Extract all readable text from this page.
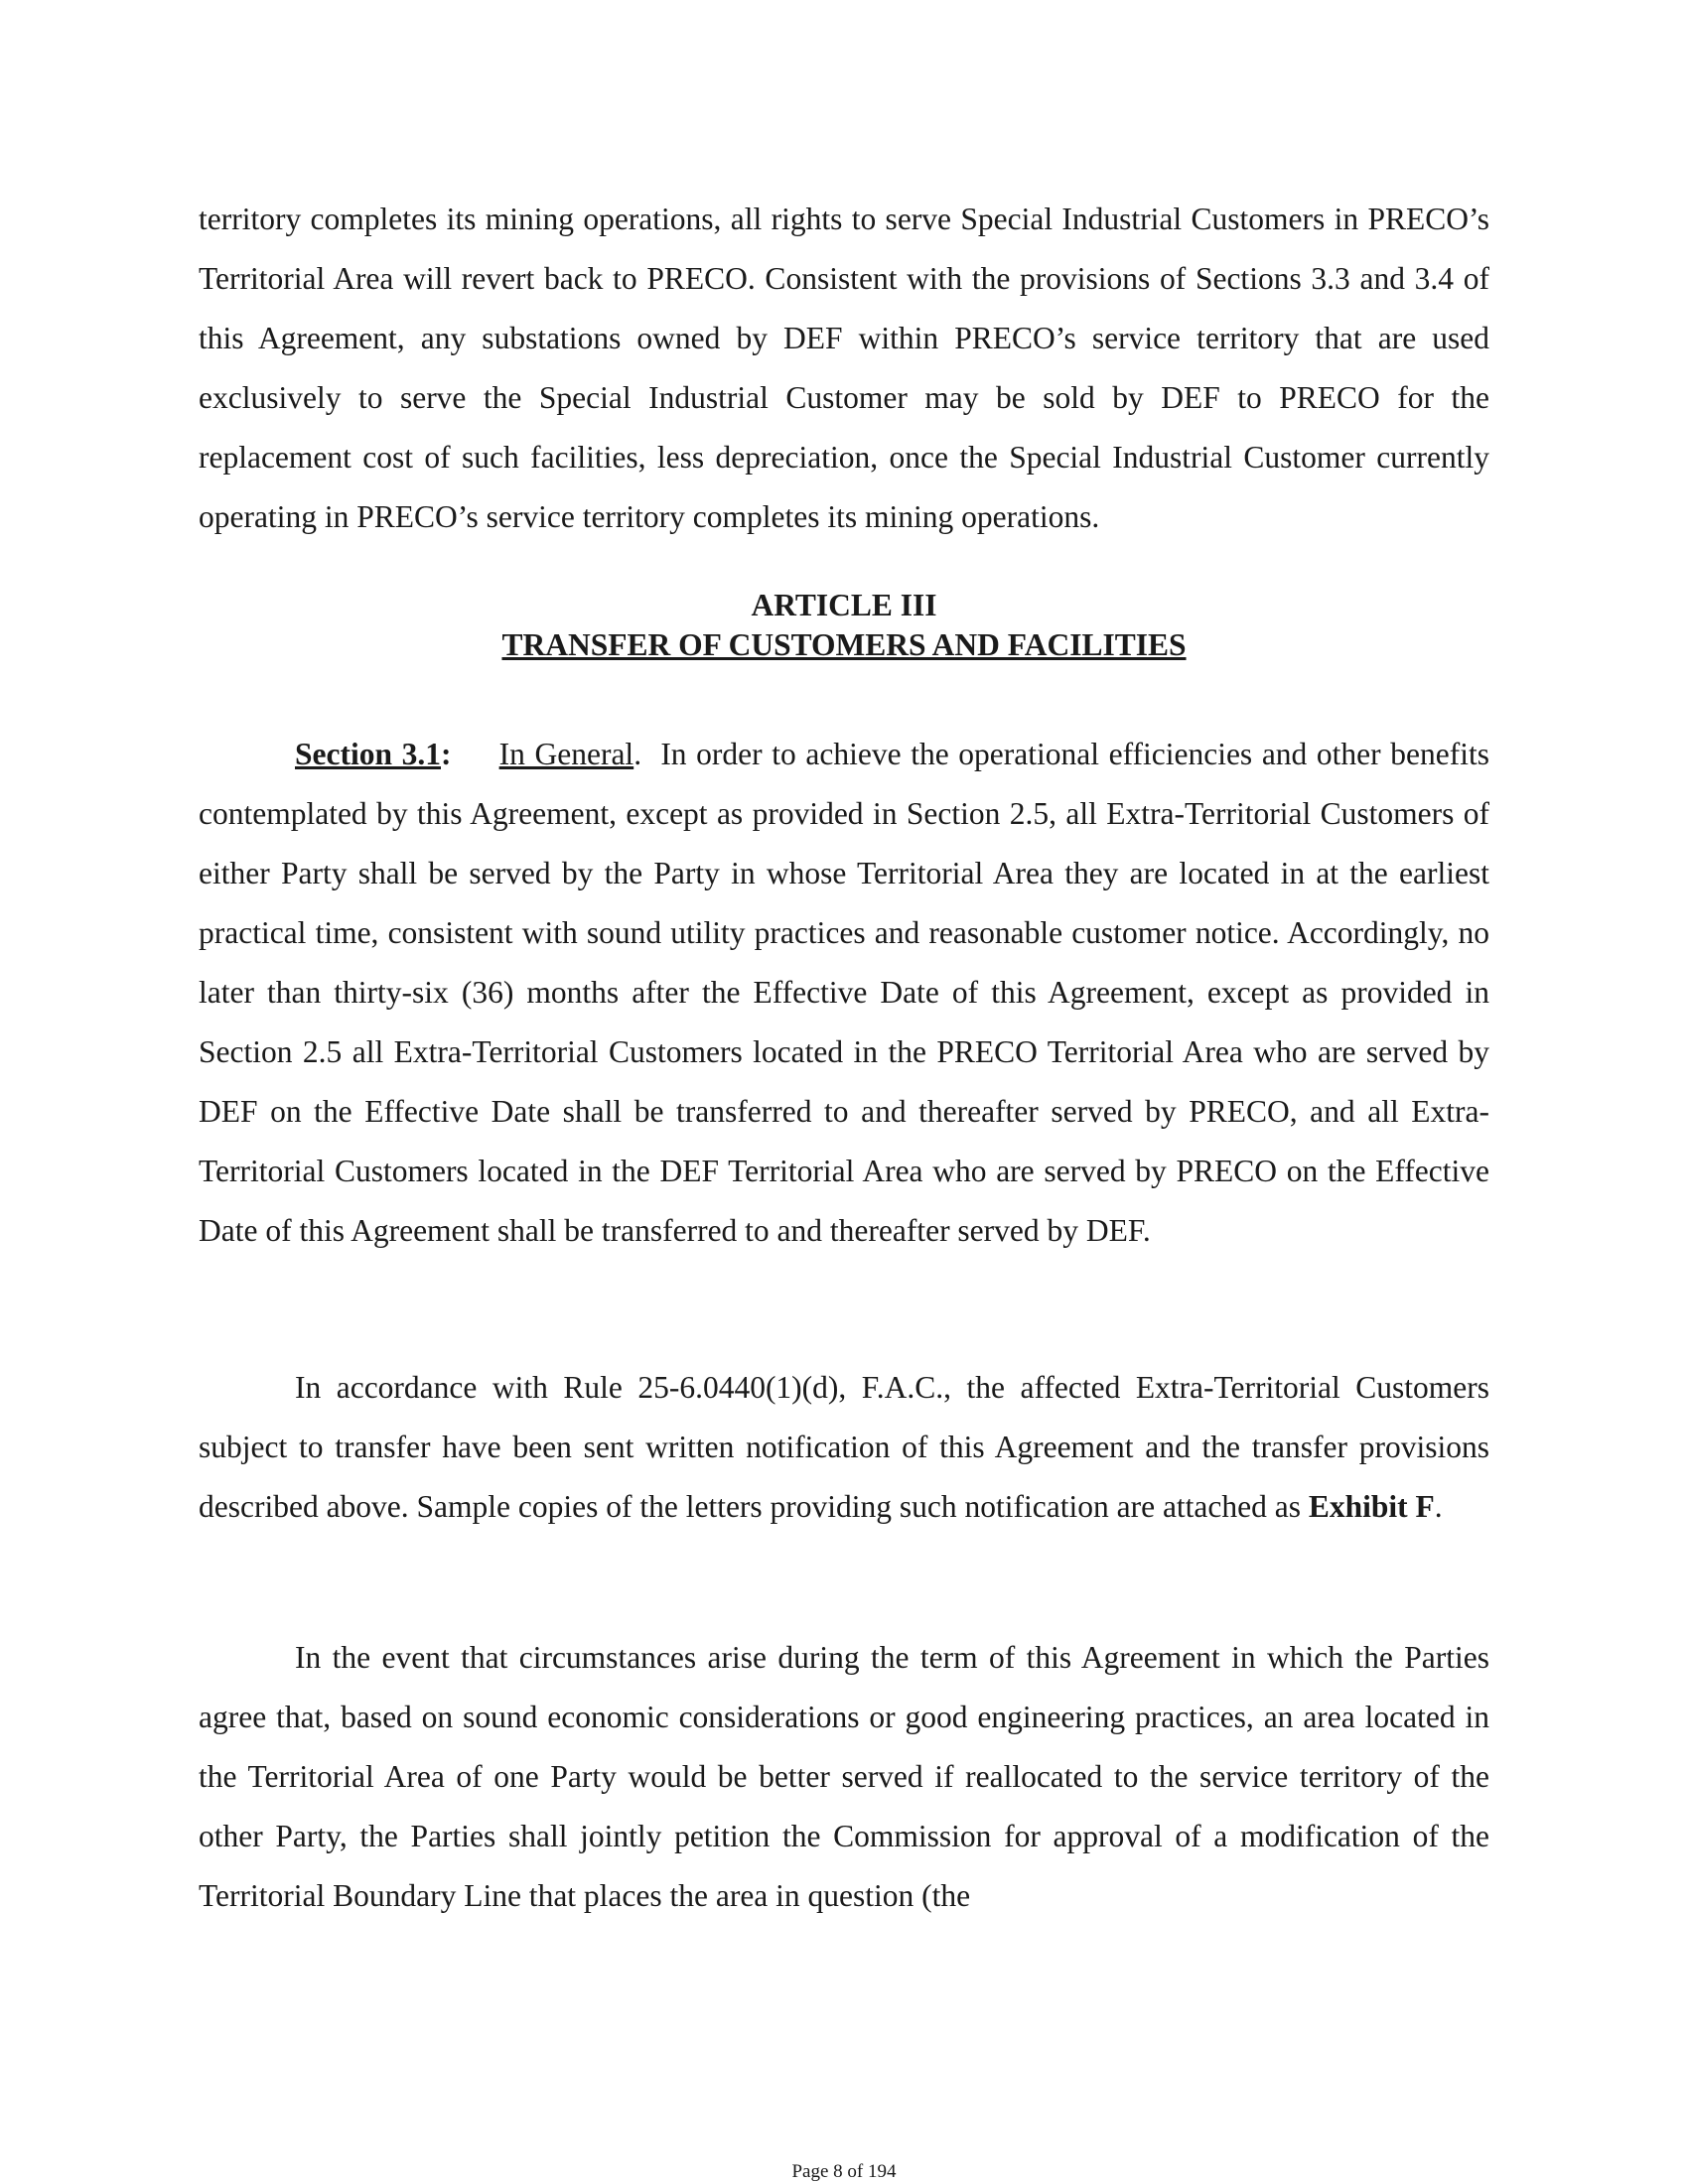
territory completes its mining operations, all rights to serve Special Industrial Customers in PRECO’s Territorial Area will revert back to PRECO. Consistent with the provisions of Sections 3.3 and 3.4 of this Agreement, any substations owned by DEF within PRECO’s service territory that are used exclusively to serve the Special Industrial Customer may be sold by DEF to PRECO for the replacement cost of such facilities, less depreciation, once the Special Industrial Customer currently operating in PRECO’s service territory completes its mining operations.

ARTICLE III

TRANSFER OF CUSTOMERS AND FACILITIES

Section 3.1: In General. In order to achieve the operational efficiencies and other benefits contemplated by this Agreement, except as provided in Section 2.5, all Extra-Territorial Customers of either Party shall be served by the Party in whose Territorial Area they are located in at the earliest practical time, consistent with sound utility practices and reasonable customer notice. Accordingly, no later than thirty-six (36) months after the Effective Date of this Agreement, except as provided in Section 2.5 all Extra-Territorial Customers located in the PRECO Territorial Area who are served by DEF on the Effective Date shall be transferred to and thereafter served by PRECO, and all Extra-Territorial Customers located in the DEF Territorial Area who are served by PRECO on the Effective Date of this Agreement shall be transferred to and thereafter served by DEF.

In accordance with Rule 25-6.0440(1)(d), F.A.C., the affected Extra-Territorial Customers subject to transfer have been sent written notification of this Agreement and the transfer provisions described above. Sample copies of the letters providing such notification are attached as Exhibit F.

In the event that circumstances arise during the term of this Agreement in which the Parties agree that, based on sound economic considerations or good engineering practices, an area located in the Territorial Area of one Party would be better served if reallocated to the service territory of the other Party, the Parties shall jointly petition the Commission for approval of a modification of the Territorial Boundary Line that places the area in question (the

Page 8 of 194
